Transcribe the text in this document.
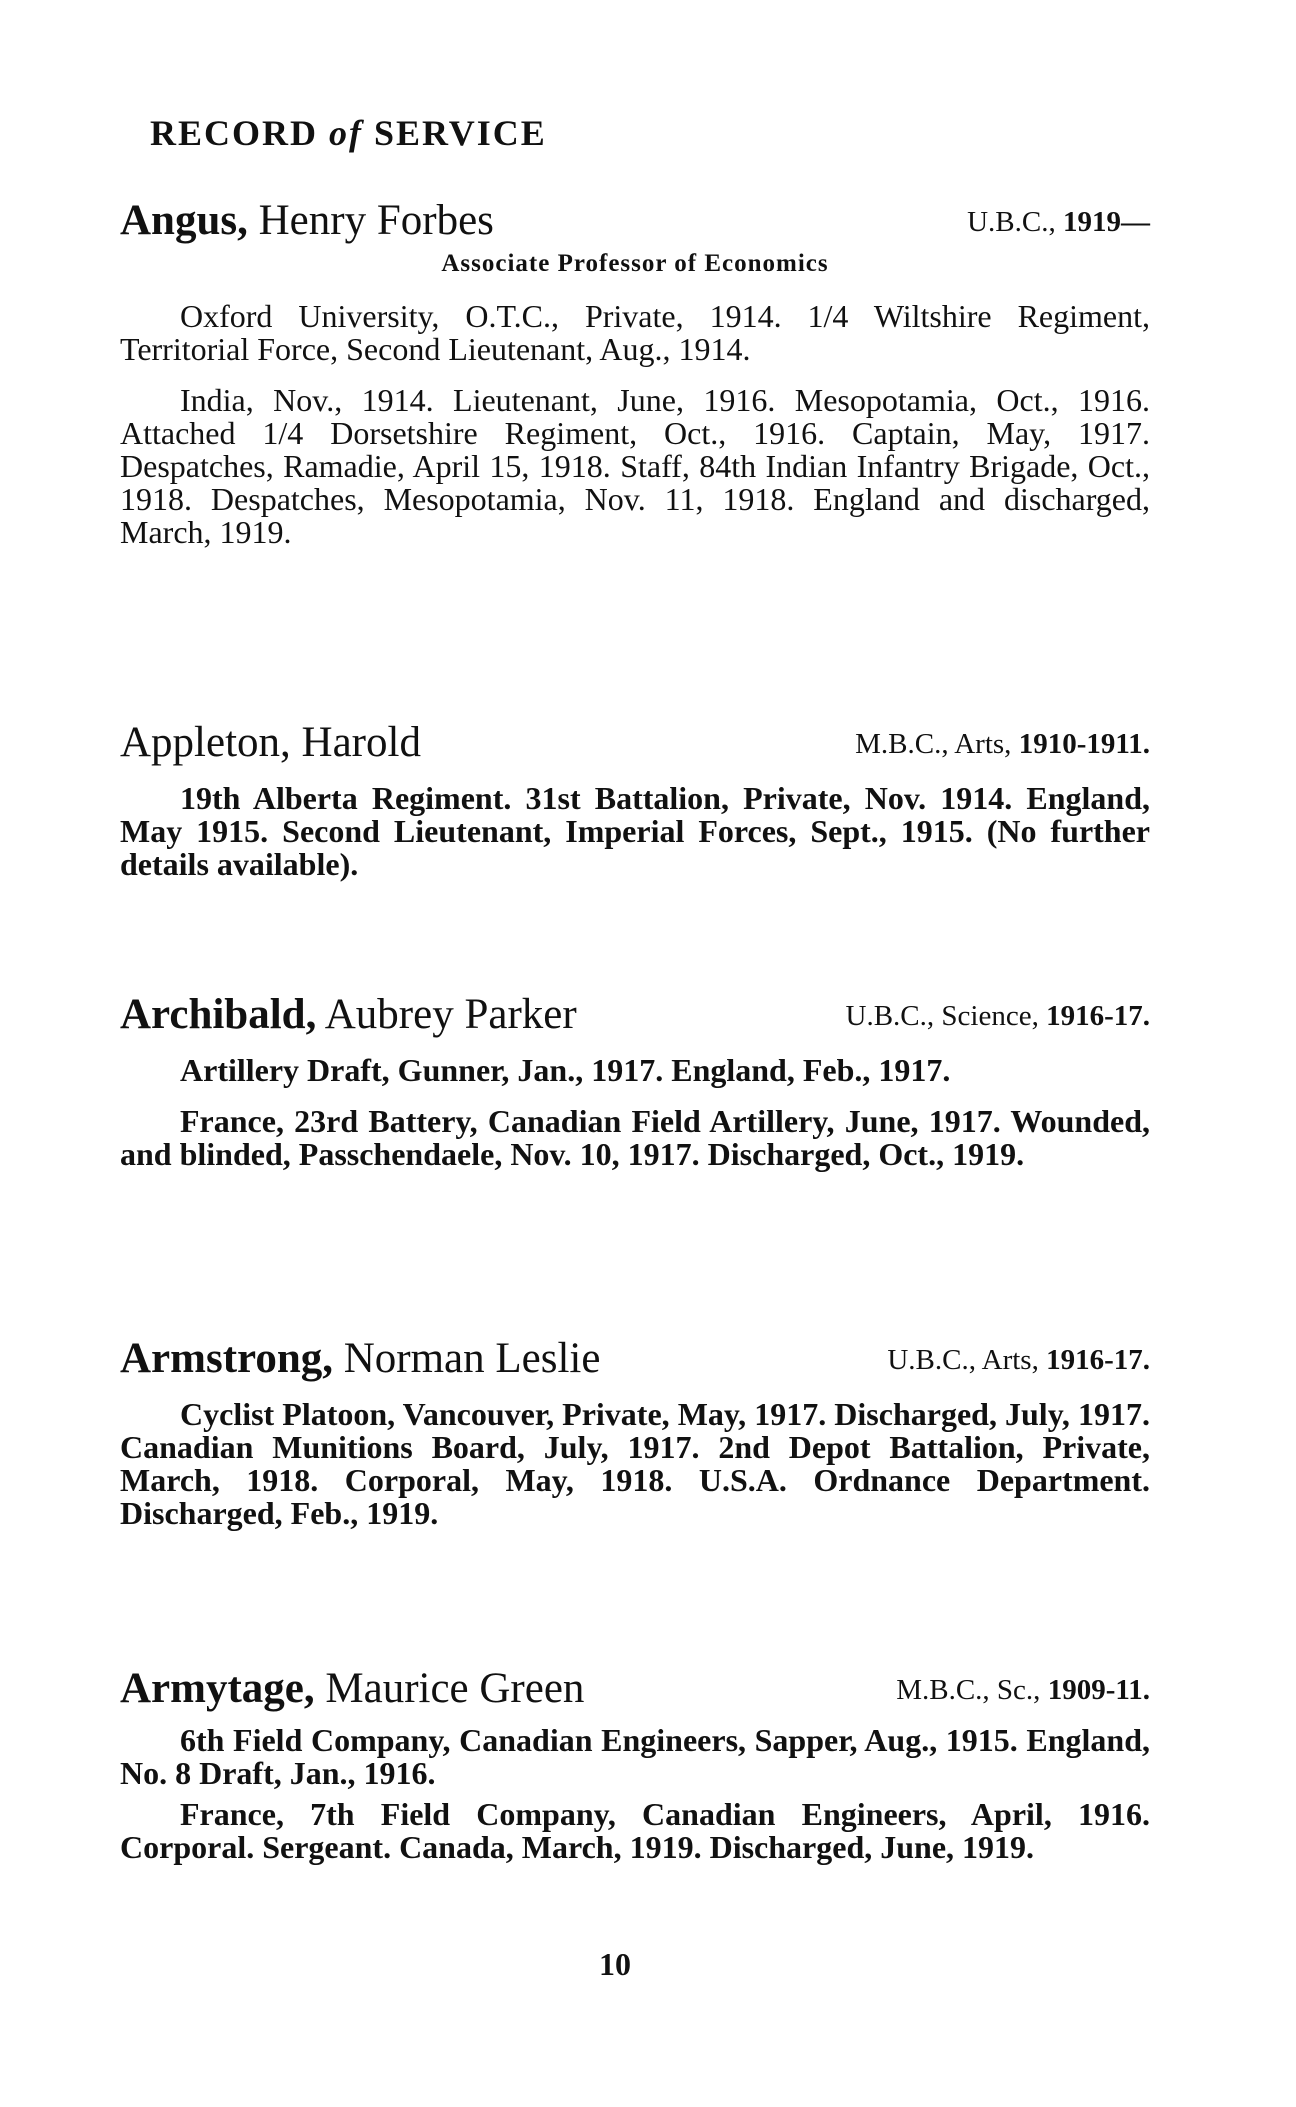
RECORD of SERVICE
Angus, Henry Forbes	U.B.C., 1919—
Associate Professor of Economics

Oxford University, O.T.C., Private, 1914. 1/4 Wiltshire Regiment, Territorial Force, Second Lieutenant, Aug., 1914.

India, Nov., 1914. Lieutenant, June, 1916. Mesopotamia, Oct., 1916. Attached 1/4 Dorsetshire Regiment, Oct., 1916. Captain, May, 1917. Despatches, Ramadie, April 15, 1918. Staff, 84th Indian Infantry Brigade, Oct., 1918. Despatches, Mesopotamia, Nov. 11, 1918. England and discharged, March, 1919.

Appleton, Harold	M.B.C., Arts, 1910-1911.

19th Alberta Regiment. 31st Battalion, Private, Nov. 1914. England, May 1915. Second Lieutenant, Imperial Forces, Sept., 1915. (No further details available).

Archibald, Aubrey Parker	U.B.C., Science, 1916-17.

Artillery Draft, Gunner, Jan., 1917. England, Feb., 1917.

France, 23rd Battery, Canadian Field Artillery, June, 1917. Wounded, and blinded, Passchendaele, Nov. 10, 1917. Discharged, Oct., 1919.

Armstrong, Norman Leslie	U.B.C., Arts, 1916-17.

Cyclist Platoon, Vancouver, Private, May, 1917. Discharged, July, 1917. Canadian Munitions Board, July, 1917. 2nd Depot Battalion, Private, March, 1918. Corporal, May, 1918. U.S.A. Ordnance Department. Discharged, Feb., 1919.

Armytage, Maurice Green	M.B.C., Sc., 1909-11.

6th Field Company, Canadian Engineers, Sapper, Aug., 1915. England, No. 8 Draft, Jan., 1916.

France, 7th Field Company, Canadian Engineers, April, 1916. Corporal. Sergeant. Canada, March, 1919. Discharged, June, 1919.

10
